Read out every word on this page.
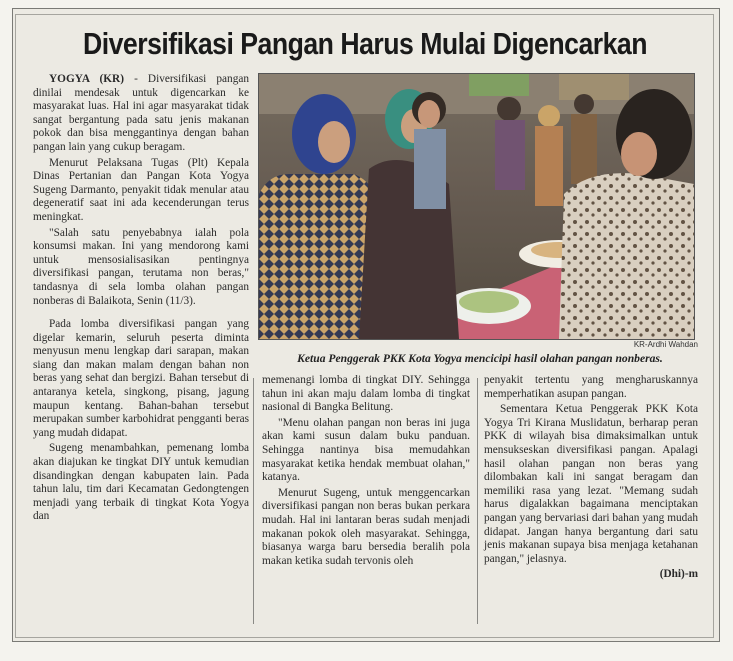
Diversifikasi Pangan Harus Mulai Digencarkan

YOGYA (KR) - Diversifikasi pangan dinilai mendesak untuk digencarkan ke masyarakat luas. Hal ini agar masyarakat tidak sangat bergantung pada satu jenis makanan pokok dan bisa menggantinya dengan bahan pangan lain yang cukup beragam.

Menurut Pelaksana Tugas (Plt) Kepala Dinas Pertanian dan Pangan Kota Yogya Sugeng Darmanto, penyakit tidak menular atau degeneratif saat ini ada kecenderungan terus meningkat.

"Salah satu penyebabnya ialah pola konsumsi makan. Ini yang mendorong kami untuk mensosialisasikan pentingnya diversifikasi pangan, terutama non beras," tandasnya di sela lomba olahan pangan nonberas di Balaikota, Senin (11/3).

Pada lomba diversifikasi pangan yang digelar kemarin, seluruh peserta diminta menyusun menu lengkap dari sarapan, makan siang dan makan malam dengan bahan non beras yang sehat dan bergizi. Bahan tersebut di antaranya ketela, singkong, pisang, jagung maupun kentang. Bahan-bahan tersebut merupakan sumber karbohidrat pengganti beras yang mudah didapat.

Sugeng menambahkan, pemenang lomba akan diajukan ke tingkat DIY untuk kemudian disandingkan dengan kabupaten lain. Pada tahun lalu, tim dari Kecamatan Gedongtengen menjadi yang terbaik di tingkat Kota Yogya dan

KR-Ardhi Wahdan
Ketua Penggerak PKK Kota Yogya mencicipi hasil olahan pangan nonberas.

memenangi lomba di tingkat DIY. Sehingga tahun ini akan maju dalam lomba di tingkat nasional di Bangka Belitung.

"Menu olahan pangan non beras ini juga akan kami susun dalam buku panduan. Sehingga nantinya bisa memudahkan masyarakat ketika hendak membuat olahan," katanya.

Menurut Sugeng, untuk menggencarkan diversifikasi pangan non beras bukan perkara mudah. Hal ini lantaran beras sudah menjadi makanan pokok oleh masyarakat. Sehingga, biasanya warga baru bersedia beralih pola makan ketika sudah tervonis oleh

penyakit tertentu yang mengharuskannya memperhatikan asupan pangan.

Sementara Ketua Penggerak PKK Kota Yogya Tri Kirana Muslidatun, berharap peran PKK di wilayah bisa dimaksimalkan untuk mensukseskan diversifikasi pangan. Apalagi hasil olahan pangan non beras yang dilombakan kali ini sangat beragam dan memiliki rasa yang lezat. "Memang sudah harus digalakkan bagaimana menciptakan pangan yang bervariasi dari bahan yang mudah didapat. Jangan hanya bergantung dari satu jenis makanan supaya bisa menjaga ketahanan pangan," jelasnya.

(Dhi)-m
